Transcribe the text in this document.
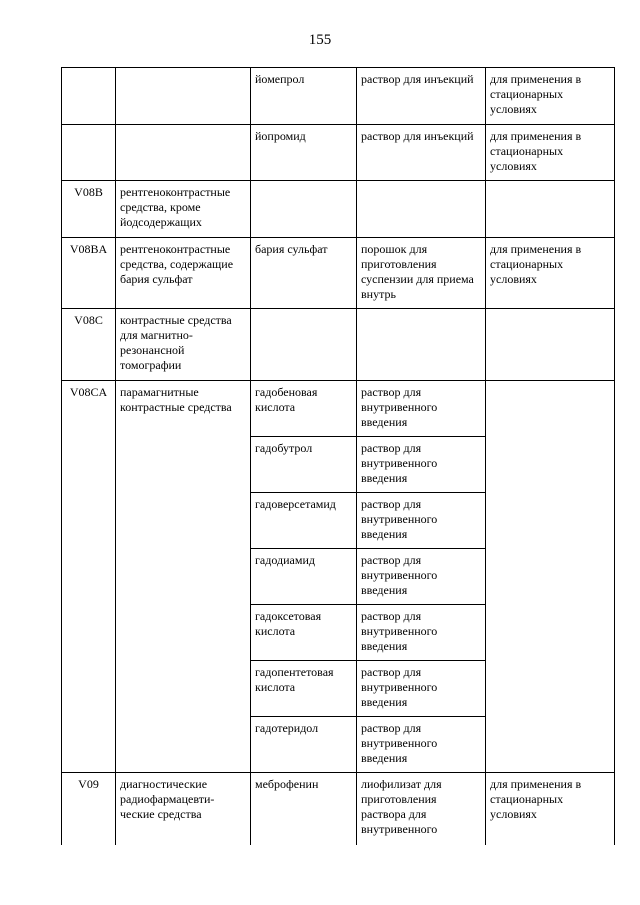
155
		йомепрол	раствор для инъекций	для применения в стационарных условиях
		йопромид	раствор для инъекций	для применения в стационарных условиях
V08B	рентгеноконтрастные средства, кроме йодсодержащих			
V08BA	рентгеноконтрастные средства, содержащие бария сульфат	бария сульфат	порошок для приготовления суспензии для приема внутрь	для применения в стационарных условиях
V08C	контрастные средства для магнитно-резонансной томографии			
V08CA	парамагнитные контрастные средства	гадобеновая кислота	раствор для внутривенного введения	
		гадобутрол	раствор для внутривенного введения	
		гадоверсетамид	раствор для внутривенного введения	
		гадодиамид	раствор для внутривенного введения	
		гадоксетовая кислота	раствор для внутривенного введения	
		гадопентетовая кислота	раствор для внутривенного введения	
		гадотеридол	раствор для внутривенного введения	
V09	диагностические радиофармацевти-ческие средства	меброфенин	лиофилизат для приготовления раствора для внутривенного	для применения в стационарных условиях
